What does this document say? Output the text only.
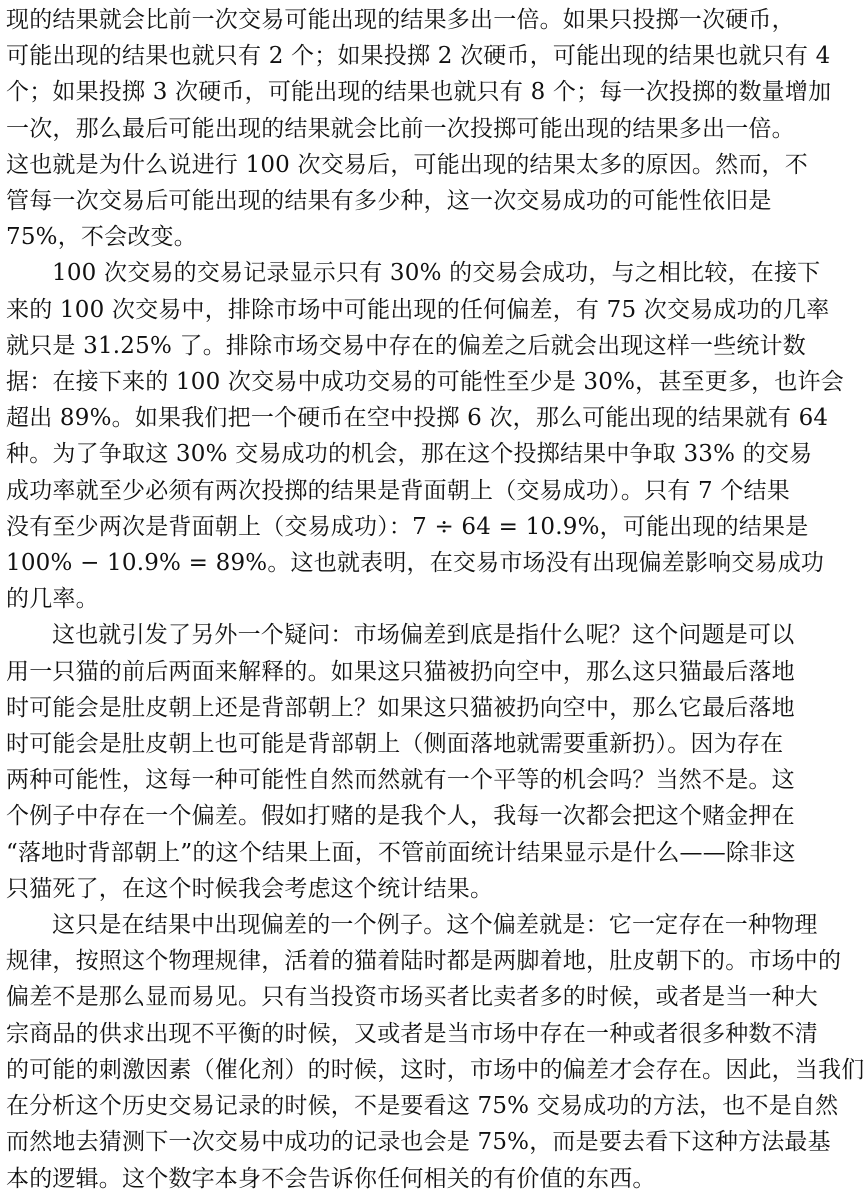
现的结果就会比前一次交易可能出现的结果多出一倍。如果只投掷一次硬币，
可能出现的结果也就只有 2 个；如果投掷 2 次硬币，可能出现的结果也就只有 4
个；如果投掷 3 次硬币，可能出现的结果也就只有 8 个；每一次投掷的数量增加
一次，那么最后可能出现的结果就会比前一次投掷可能出现的结果多出一倍。
这也就是为什么说进行 100 次交易后，可能出现的结果太多的原因。然而，不
管每一次交易后可能出现的结果有多少种，这一次交易成功的可能性依旧是
75%，不会改变。
100 次交易的交易记录显示只有 30% 的交易会成功，与之相比较，在接下
来的 100 次交易中，排除市场中可能出现的任何偏差，有 75 次交易成功的几率
就只是 31.25% 了。排除市场交易中存在的偏差之后就会出现这样一些统计数
据：在接下来的 100 次交易中成功交易的可能性至少是 30%，甚至更多，也许会
超出 89%。如果我们把一个硬币在空中投掷 6 次，那么可能出现的结果就有 64
种。为了争取这 30% 交易成功的机会，那在这个投掷结果中争取 33% 的交易
成功率就至少必须有两次投掷的结果是背面朝上（交易成功）。只有 7 个结果
没有至少两次是背面朝上（交易成功）：7 ÷ 64 = 10.9%，可能出现的结果是
100% − 10.9% = 89%。这也就表明，在交易市场没有出现偏差影响交易成功
的几率。
这也就引发了另外一个疑问：市场偏差到底是指什么呢？这个问题是可以
用一只猫的前后两面来解释的。如果这只猫被扔向空中，那么这只猫最后落地
时可能会是肚皮朝上还是背部朝上？如果这只猫被扔向空中，那么它最后落地
时可能会是肚皮朝上也可能是背部朝上（侧面落地就需要重新扔）。因为存在
两种可能性，这每一种可能性自然而然就有一个平等的机会吗？当然不是。这
个例子中存在一个偏差。假如打赌的是我个人，我每一次都会把这个赌金押在
“落地时背部朝上”的这个结果上面，不管前面统计结果显示是什么——除非这
只猫死了，在这个时候我会考虑这个统计结果。
这只是在结果中出现偏差的一个例子。这个偏差就是：它一定存在一种物理
规律，按照这个物理规律，活着的猫着陆时都是两脚着地，肚皮朝下的。市场中的
偏差不是那么显而易见。只有当投资市场买者比卖者多的时候，或者是当一种大
宗商品的供求出现不平衡的时候，又或者是当市场中存在一种或者很多种数不清
的可能的刺激因素（催化剂）的时候，这时，市场中的偏差才会存在。因此，当我们
在分析这个历史交易记录的时候，不是要看这 75% 交易成功的方法，也不是自然
而然地去猜测下一次交易中成功的记录也会是 75%，而是要去看下这种方法最基
本的逻辑。这个数字本身不会告诉你任何相关的有价值的东西。
